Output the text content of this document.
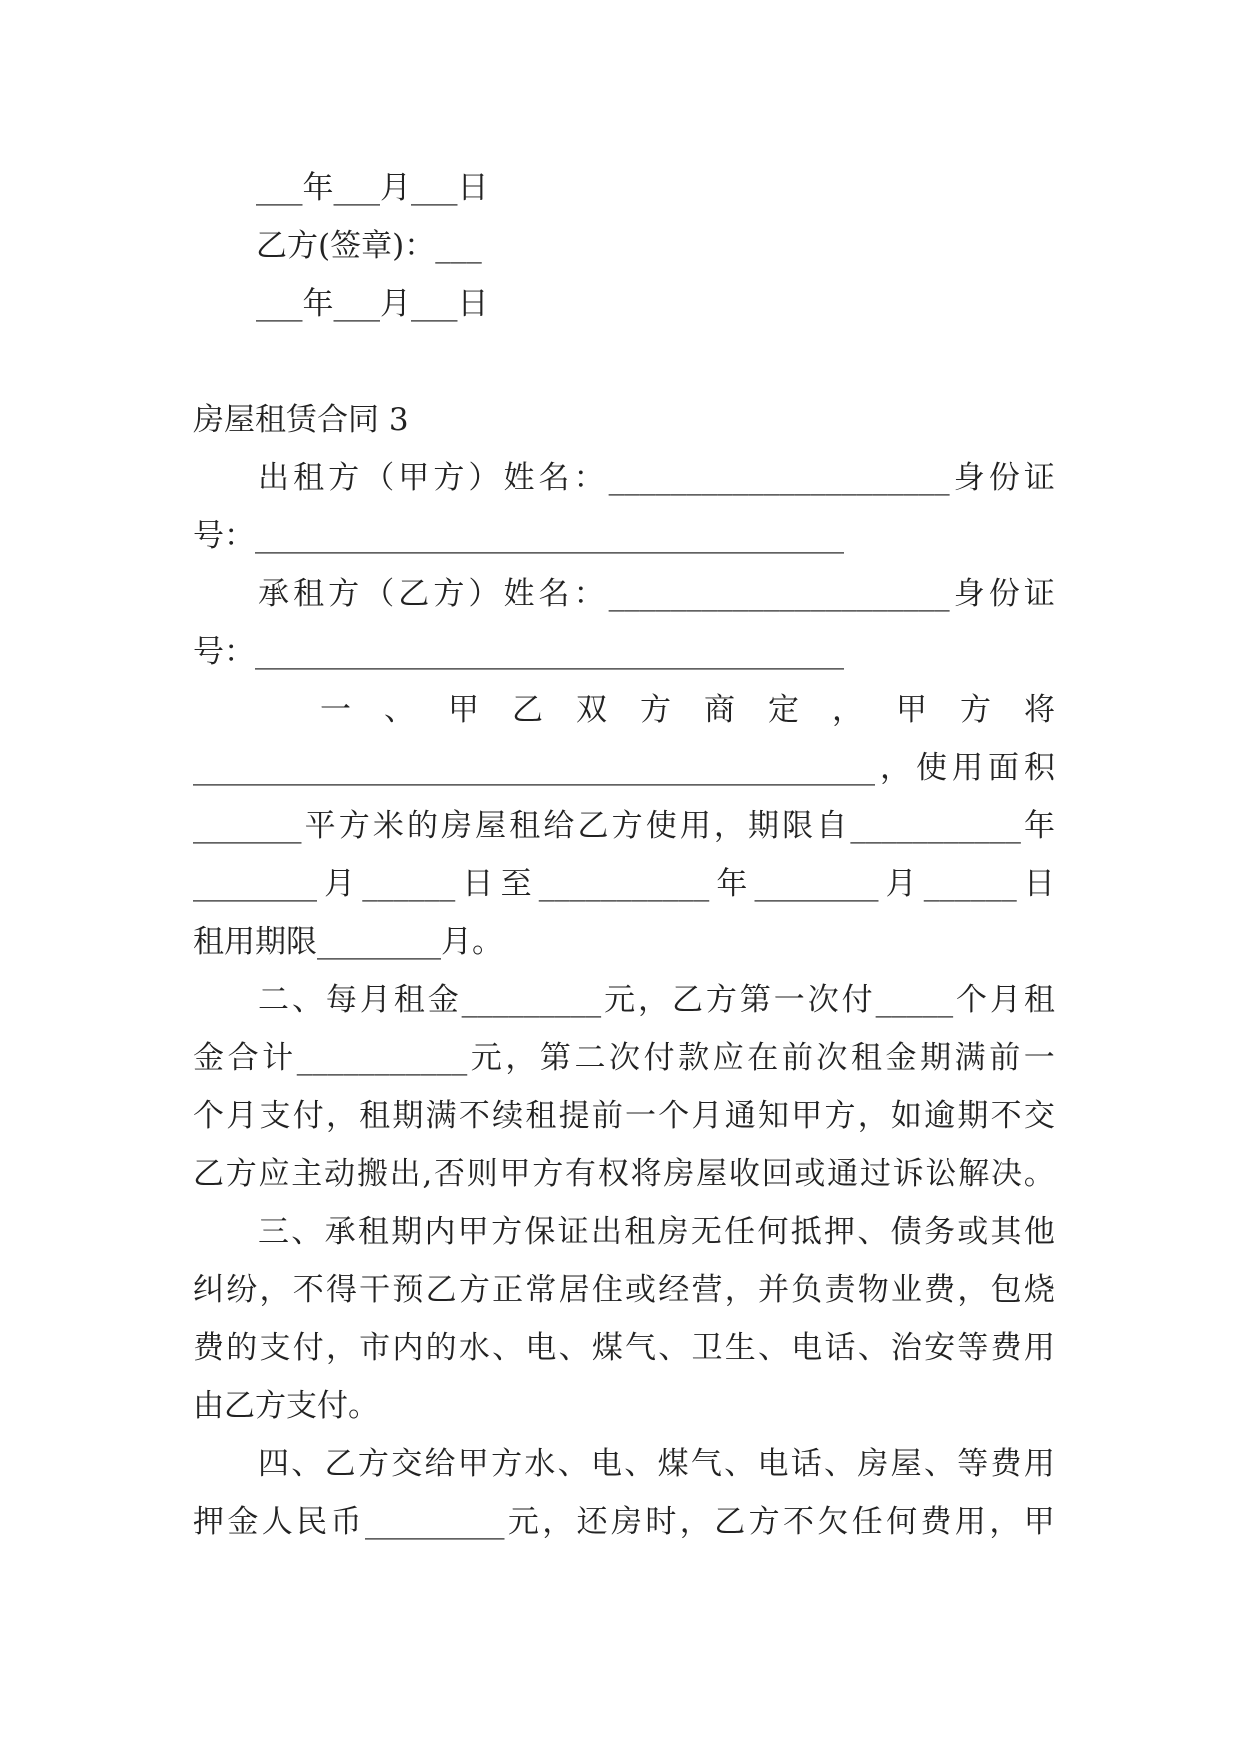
___年___月___日
乙方(签章)：___
___年___月___日
房屋租赁合同 3
出 租 方 （ 甲 方 ） 姓 名 ： ______________________ 身 份 证
号：______________________________________
承 租 方 （ 乙 方 ） 姓 名 ： ______________________ 身 份 证
号：______________________________________
一 、 甲 乙 双 方 商 定 ， 甲 方 将
____________________________________________ ， 使 用 面 积
_______ 平 方 米 的 房 屋 租 给 乙 方 使 用 ， 期 限 自 ___________ 年
________ 月 ______ 日 至 ___________ 年 ________ 月 ______ 日
租用期限________月。
二 、 每 月 租 金 _________ 元 ， 乙 方 第 一 次 付 _____ 个 月 租
金 合 计 ___________ 元 ， 第 二 次 付 款 应 在 前 次 租 金 期 满 前 一
个 月 支 付 ， 租 期 满 不 续 租 提 前 一 个 月 通 知 甲 方 ， 如 逾 期 不 交
乙 方 应 主 动 搬 出 , 否 则 甲 方 有 权 将 房 屋 收 回 或 通 过 诉 讼 解 决 。
三 、 承 租 期 内 甲 方 保 证 出 租 房 无 任 何 抵 押 、 债 务 或 其 他
纠 纷 ， 不 得 干 预 乙 方 正 常 居 住 或 经 营 ， 并 负 责 物 业 费 ， 包 烧
费 的 支 付 ， 市 内 的 水 、 电 、 煤 气 、 卫 生 、 电 话 、 治 安 等 费 用
由乙方支付。
四 、 乙 方 交 给 甲 方 水 、 电 、 煤 气 、 电 话 、 房 屋 、 等 费 用
押 金 人 民 币 _________ 元 ， 还 房 时 ， 乙 方 不 欠 任 何 费 用 ， 甲
